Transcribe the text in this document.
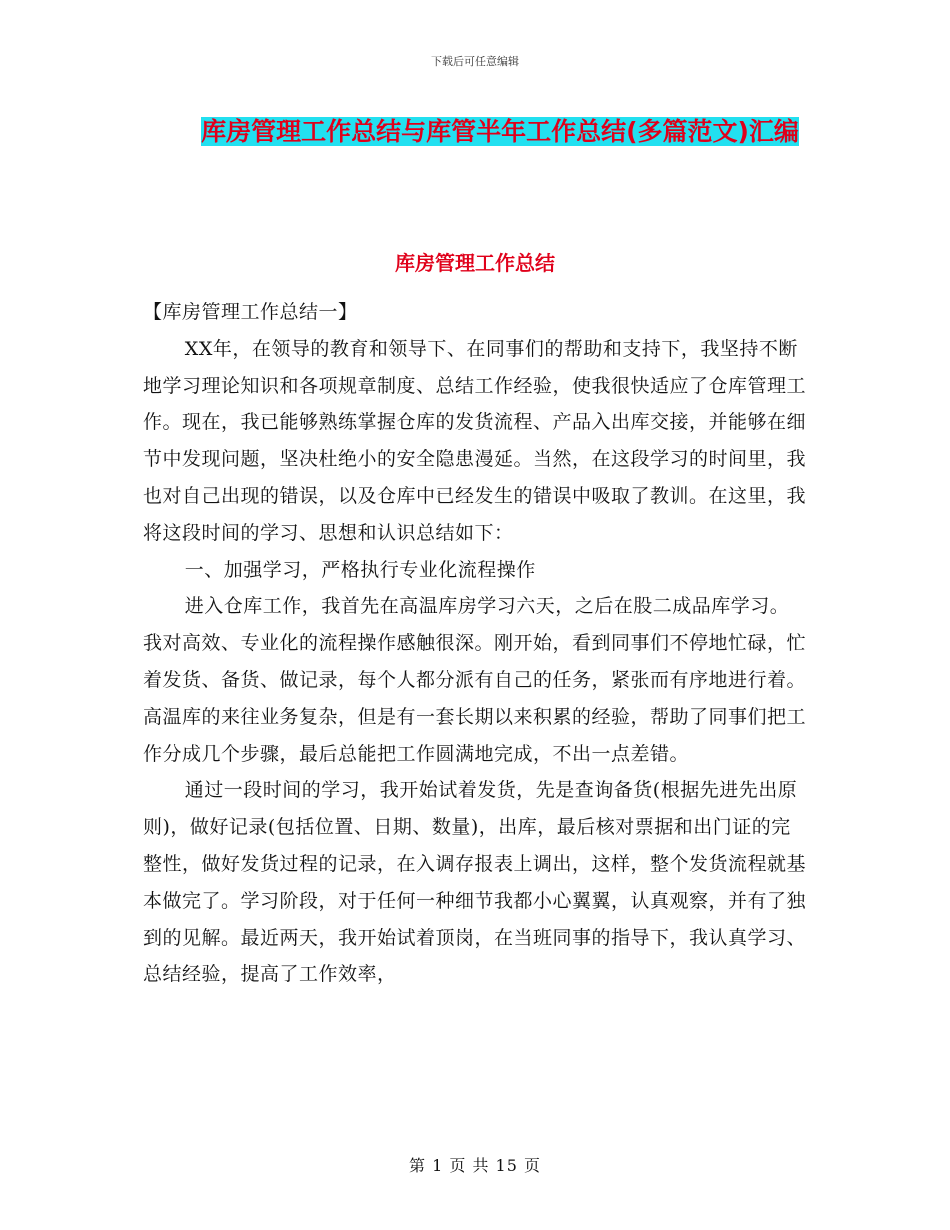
下载后可任意编辑
库房管理工作总结与库管半年工作总结(多篇范文)汇编
库房管理工作总结

【库房管理工作总结一】

XX年，在领导的教育和领导下、在同事们的帮助和支持下，我坚持不断地学习理论知识和各项规章制度、总结工作经验，使我很快适应了仓库管理工作。现在，我已能够熟练掌握仓库的发货流程、产品入出库交接，并能够在细节中发现问题，坚决杜绝小的安全隐患漫延。当然，在这段学习的时间里，我也对自己出现的错误，以及仓库中已经发生的错误中吸取了教训。在这里，我将这段时间的学习、思想和认识总结如下：

一、加强学习，严格执行专业化流程操作

进入仓库工作，我首先在高温库房学习六天，之后在股二成品库学习。我对高效、专业化的流程操作感触很深。刚开始，看到同事们不停地忙碌，忙着发货、备货、做记录，每个人都分派有自己的任务，紧张而有序地进行着。高温库的来往业务复杂，但是有一套长期以来积累的经验，帮助了同事们把工作分成几个步骤，最后总能把工作圆满地完成，不出一点差错。

通过一段时间的学习，我开始试着发货，先是查询备货(根据先进先出原则)，做好记录(包括位置、日期、数量)，出库，最后核对票据和出门证的完整性，做好发货过程的记录，在入调存报表上调出，这样，整个发货流程就基本做完了。学习阶段，对于任何一种细节我都小心翼翼，认真观察，并有了独到的见解。最近两天，我开始试着顶岗，在当班同事的指导下，我认真学习、总结经验，提高了工作效率，

第 1 页 共 15 页
